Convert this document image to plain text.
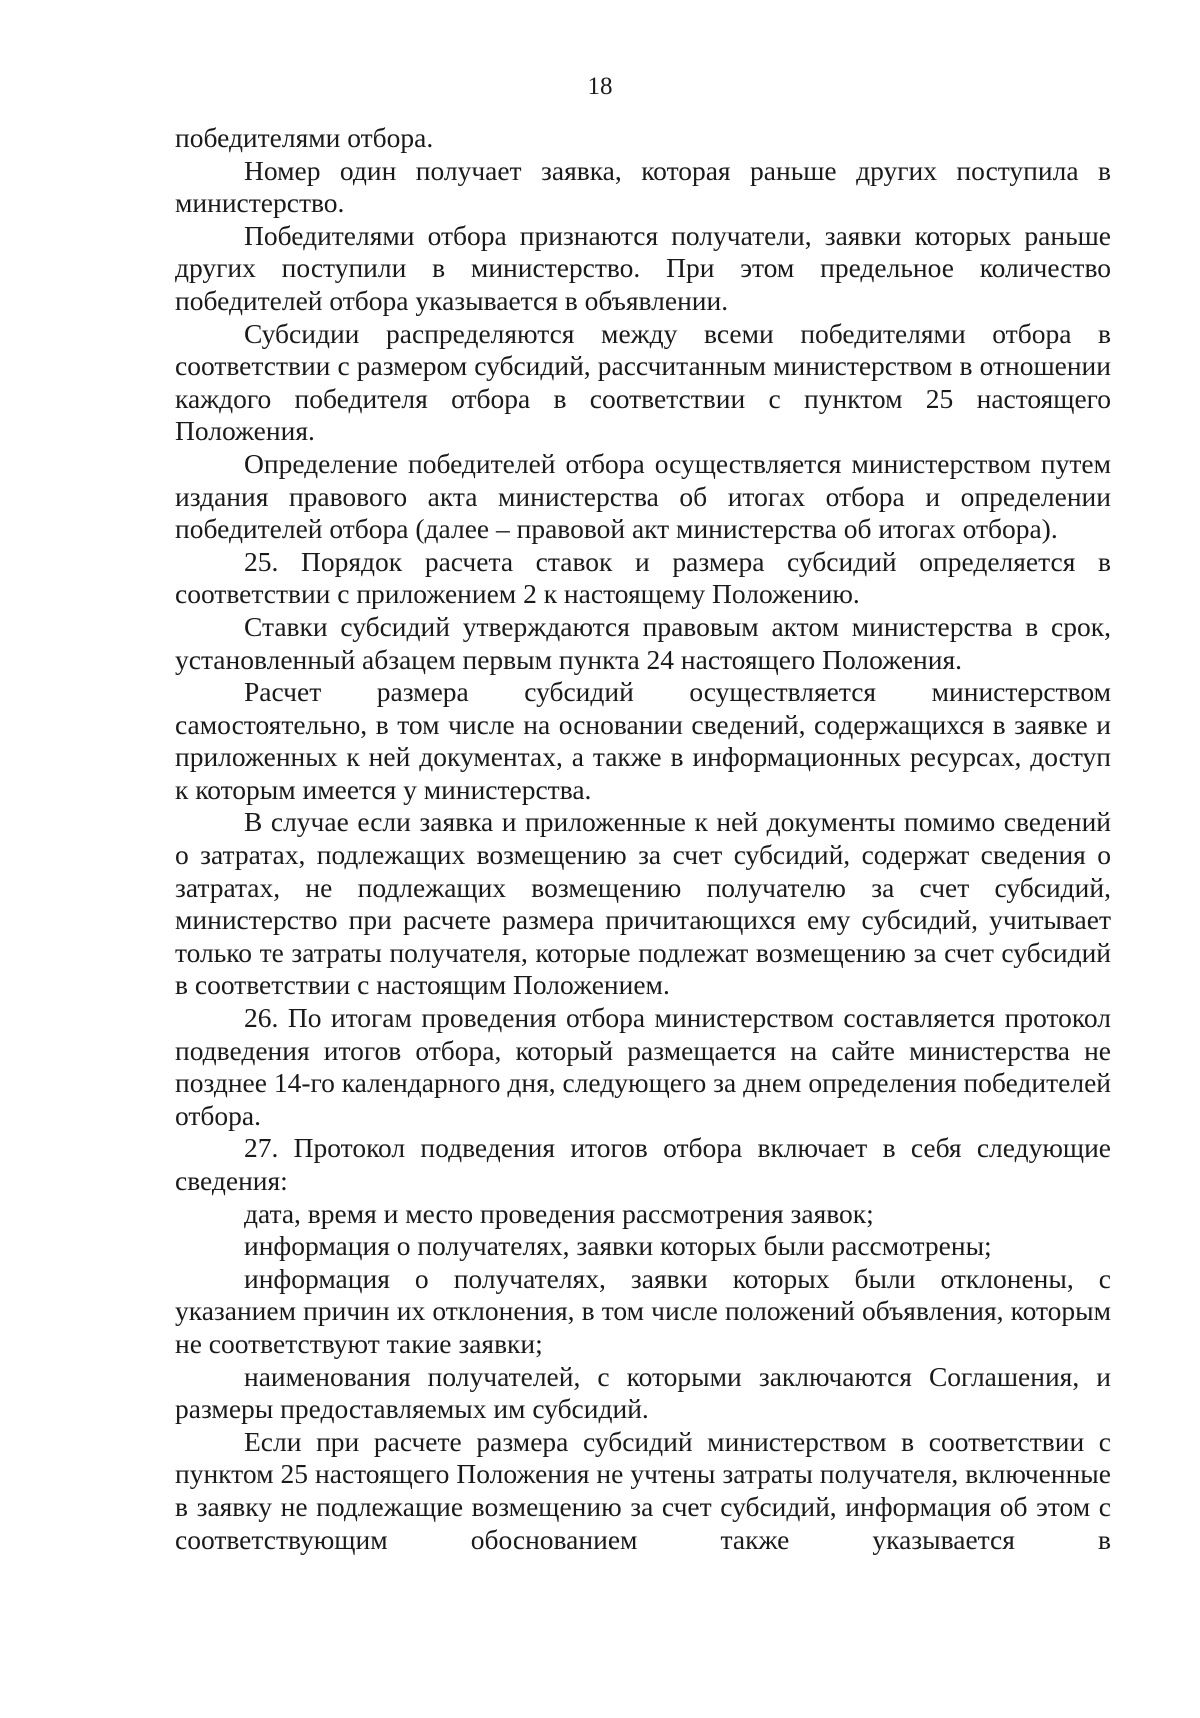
18

победителями отбора.

Номер один получает заявка, которая раньше других поступила в министерство.

Победителями отбора признаются получатели, заявки которых раньше других поступили в министерство. При этом предельное количество победителей отбора указывается в объявлении.

Субсидии распределяются между всеми победителями отбора в соответствии с размером субсидий, рассчитанным министерством в отношении каждого победителя отбора в соответствии с пунктом 25 настоящего Положения.

Определение победителей отбора осуществляется министерством путем издания правового акта министерства об итогах отбора и определении победителей отбора (далее – правовой акт министерства об итогах отбора).

25. Порядок расчета ставок и размера субсидий определяется в соответствии с приложением 2 к настоящему Положению.

Ставки субсидий утверждаются правовым актом министерства в срок, установленный абзацем первым пункта 24 настоящего Положения.

Расчет размера субсидий осуществляется министерством самостоятельно, в том числе на основании сведений, содержащихся в заявке и приложенных к ней документах, а также в информационных ресурсах, доступ к которым имеется у министерства.

В случае если заявка и приложенные к ней документы помимо сведений о затратах, подлежащих возмещению за счет субсидий, содержат сведения о затратах, не подлежащих возмещению получателю за счет субсидий, министерство при расчете размера причитающихся ему субсидий, учитывает только те затраты получателя, которые подлежат возмещению за счет субсидий в соответствии с настоящим Положением.

26. По итогам проведения отбора министерством составляется протокол подведения итогов отбора, который размещается на сайте министерства не позднее 14-го календарного дня, следующего за днем определения победителей отбора.

27. Протокол подведения итогов отбора включает в себя следующие сведения:

дата, время и место проведения рассмотрения заявок;

информация о получателях, заявки которых были рассмотрены;

информация о получателях, заявки которых были отклонены, с указанием причин их отклонения, в том числе положений объявления, которым не соответствуют такие заявки;

наименования получателей, с которыми заключаются Соглашения, и размеры предоставляемых им субсидий.

Если при расчете размера субсидий министерством в соответствии с пунктом 25 настоящего Положения не учтены затраты получателя, включенные в заявку не подлежащие возмещению за счет субсидий, информация об этом с соответствующим обоснованием также указывается в
